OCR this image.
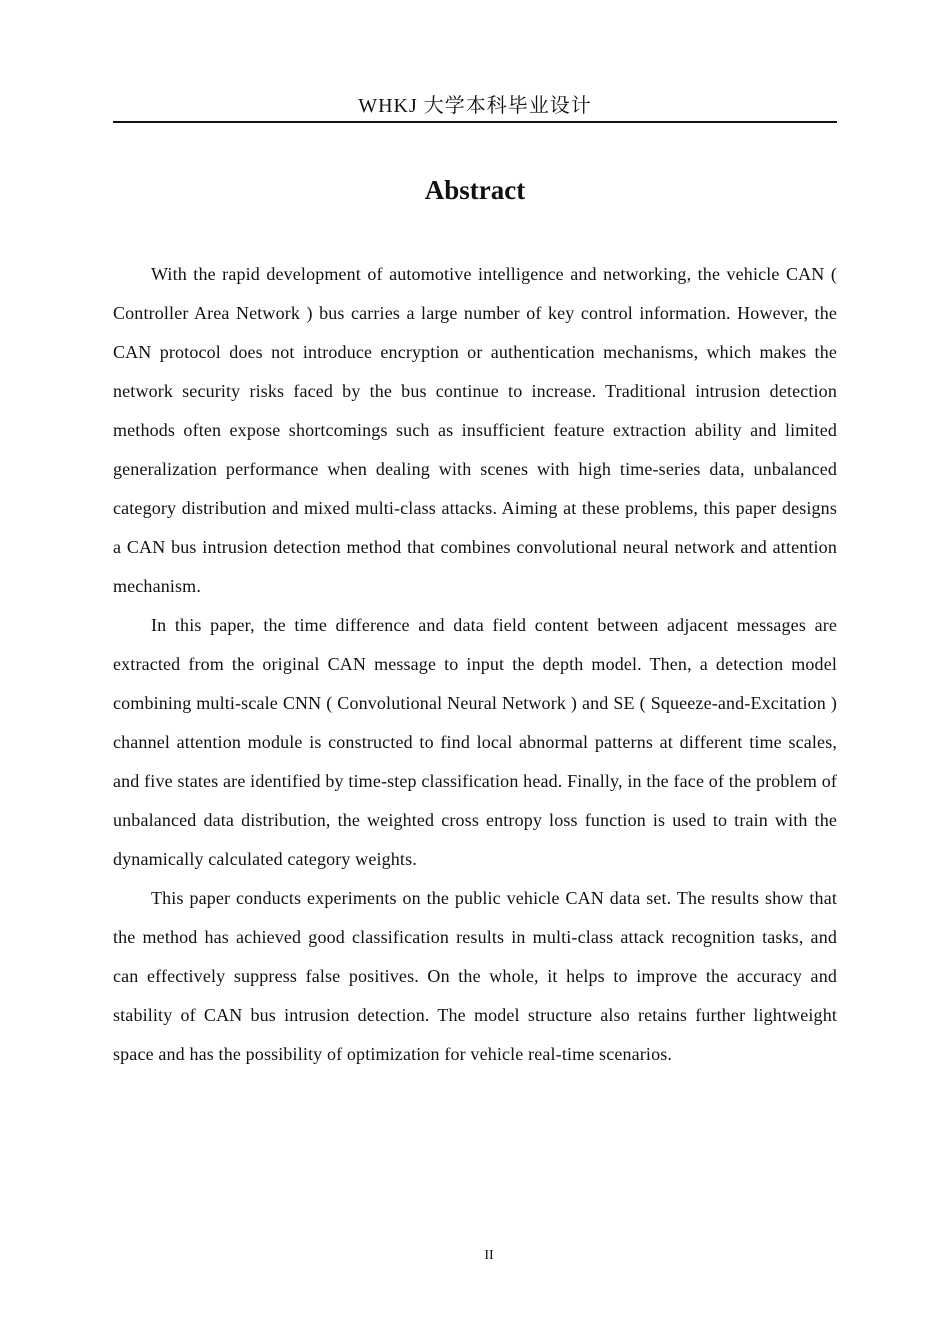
WHKJ 大学本科毕业设计
Abstract

With the rapid development of automotive intelligence and networking, the vehicle CAN ( Controller Area Network ) bus carries a large number of key control information. However, the CAN protocol does not introduce encryption or authentication mechanisms, which makes the network security risks faced by the bus continue to increase. Traditional intrusion detection methods often expose shortcomings such as insufficient feature extraction ability and limited generalization performance when dealing with scenes with high time-series data, unbalanced category distribution and mixed multi-class attacks. Aiming at these problems, this paper designs a CAN bus intrusion detection method that combines convolutional neural network and attention mechanism.

In this paper, the time difference and data field content between adjacent messages are extracted from the original CAN message to input the depth model. Then, a detection model combining multi-scale CNN ( Convolutional Neural Network ) and SE ( Squeeze-and-Excitation ) channel attention module is constructed to find local abnormal patterns at different time scales, and five states are identified by time-step classification head. Finally, in the face of the problem of unbalanced data distribution, the weighted cross entropy loss function is used to train with the dynamically calculated category weights.

This paper conducts experiments on the public vehicle CAN data set. The results show that the method has achieved good classification results in multi-class attack recognition tasks, and can effectively suppress false positives. On the whole, it helps to improve the accuracy and stability of CAN bus intrusion detection. The model structure also retains further lightweight space and has the possibility of optimization for vehicle real-time scenarios.

II
